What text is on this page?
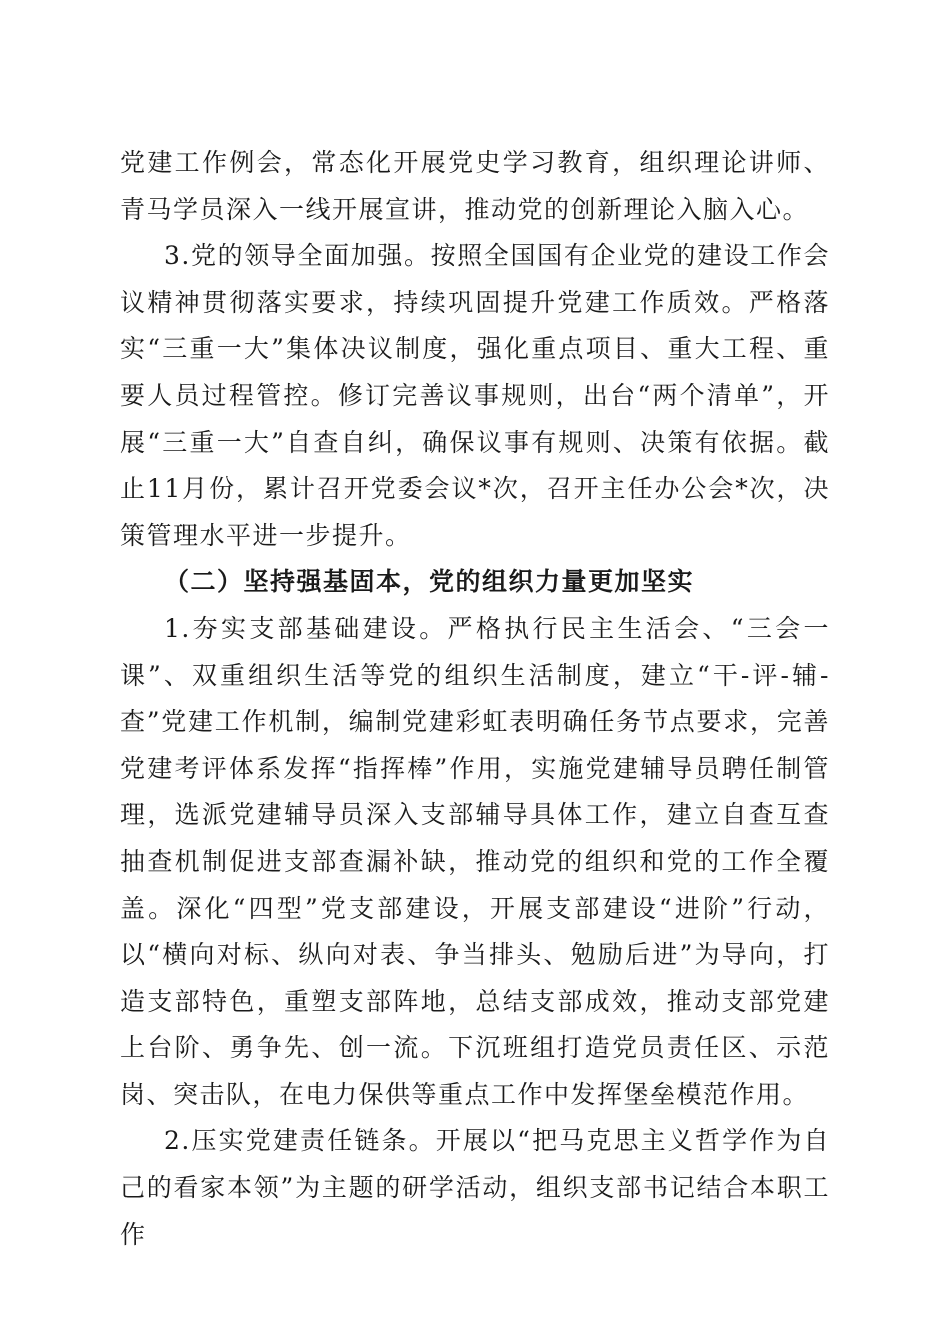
党建工作例会，常态化开展党史学习教育，组织理论讲师、青马学员深入一线开展宣讲，推动党的创新理论入脑入心。

3.党的领导全面加强。按照全国国有企业党的建设工作会议精神贯彻落实要求，持续巩固提升党建工作质效。严格落实“三重一大”集体决议制度，强化重点项目、重大工程、重要人员过程管控。修订完善议事规则，出台“两个清单”，开展“三重一大”自查自纠，确保议事有规则、决策有依据。截止11月份，累计召开党委会议*次，召开主任办公会*次，决策管理水平进一步提升。

（二）坚持强基固本，党的组织力量更加坚实

1.夯实支部基础建设。严格执行民主生活会、“三会一课”、双重组织生活等党的组织生活制度，建立“干-评-辅-查”党建工作机制，编制党建彩虹表明确任务节点要求，完善党建考评体系发挥“指挥棒”作用，实施党建辅导员聘任制管理，选派党建辅导员深入支部辅导具体工作，建立自查互查抽查机制促进支部查漏补缺，推动党的组织和党的工作全覆盖。深化“四型”党支部建设，开展支部建设“进阶”行动，以“横向对标、纵向对表、争当排头、勉励后进”为导向，打造支部特色，重塑支部阵地，总结支部成效，推动支部党建上台阶、勇争先、创一流。下沉班组打造党员责任区、示范岗、突击队，在电力保供等重点工作中发挥堡垒模范作用。

2.压实党建责任链条。开展以“把马克思主义哲学作为自己的看家本领”为主题的研学活动，组织支部书记结合本职工作
